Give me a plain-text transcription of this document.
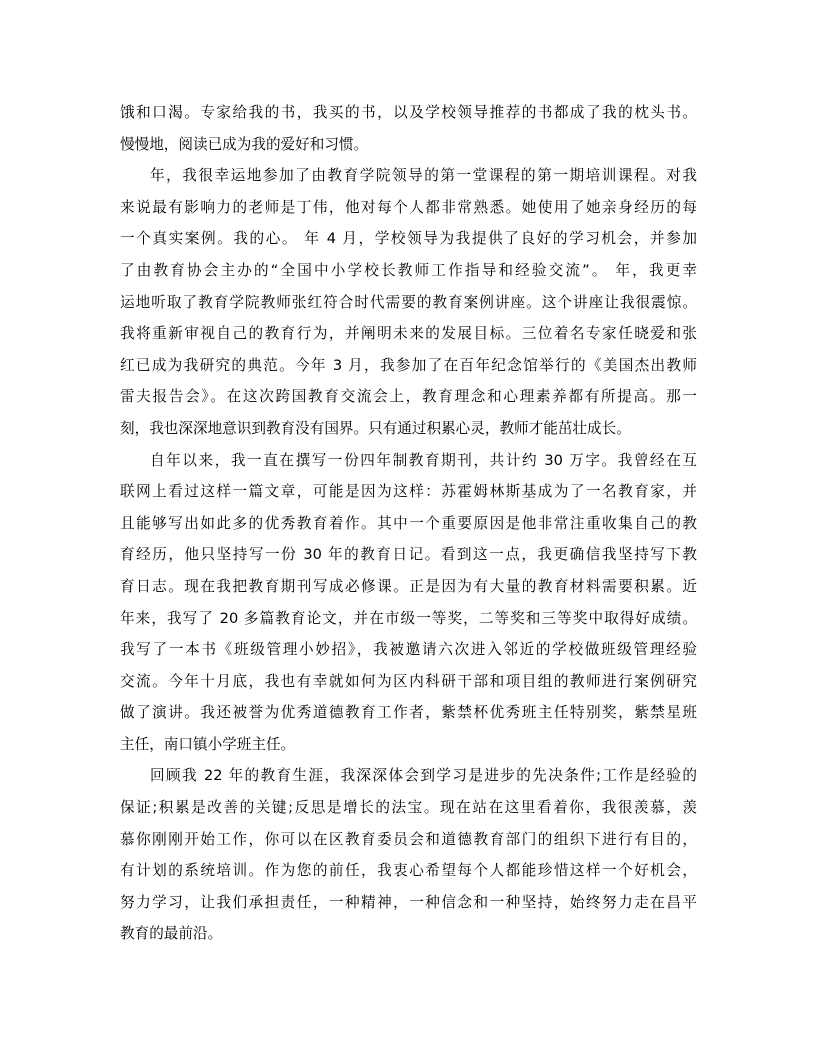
饿和口渴。专家给我的书，我买的书，以及学校领导推荐的书都成了我的枕头书。
慢慢地，阅读已成为我的爱好和习惯。
年，我很幸运地参加了由教育学院领导的第一堂课程的第一期培训课程。对我
来说最有影响力的老师是丁伟，他对每个人都非常熟悉。她使用了她亲身经历的每
一个真实案例。我的心。 年 4 月，学校领导为我提供了良好的学习机会，并参加
了由教育协会主办的“全国中小学校长教师工作指导和经验交流”。 年，我更幸
运地听取了教育学院教师张红符合时代需要的教育案例讲座。这个讲座让我很震惊。
我将重新审视自己的教育行为，并阐明未来的发展目标。三位着名专家任晓爱和张
红已成为我研究的典范。今年 3 月，我参加了在百年纪念馆举行的《美国杰出教师
雷夫报告会》。在这次跨国教育交流会上，教育理念和心理素养都有所提高。那一
刻，我也深深地意识到教育没有国界。只有通过积累心灵，教师才能茁壮成长。
自年以来，我一直在撰写一份四年制教育期刊，共计约 30 万字。我曾经在互
联网上看过这样一篇文章，可能是因为这样：苏霍姆林斯基成为了一名教育家，并
且能够写出如此多的优秀教育着作。其中一个重要原因是他非常注重收集自己的教
育经历，他只坚持写一份 30 年的教育日记。看到这一点，我更确信我坚持写下教
育日志。现在我把教育期刊写成必修课。正是因为有大量的教育材料需要积累。近
年来，我写了 20 多篇教育论文，并在市级一等奖，二等奖和三等奖中取得好成绩。
我写了一本书《班级管理小妙招》，我被邀请六次进入邻近的学校做班级管理经验
交流。今年十月底，我也有幸就如何为区内科研干部和项目组的教师进行案例研究
做了演讲。我还被誉为优秀道德教育工作者，紫禁杯优秀班主任特别奖，紫禁星班
主任，南口镇小学班主任。
回顾我 22 年的教育生涯，我深深体会到学习是进步的先决条件;工作是经验的
保证;积累是改善的关键;反思是增长的法宝。现在站在这里看着你，我很羡慕，羡
慕你刚刚开始工作，你可以在区教育委员会和道德教育部门的组织下进行有目的，
有计划的系统培训。作为您的前任，我衷心希望每个人都能珍惜这样一个好机会，
努力学习，让我们承担责任，一种精神，一种信念和一种坚持，始终努力走在昌平
教育的最前沿。
